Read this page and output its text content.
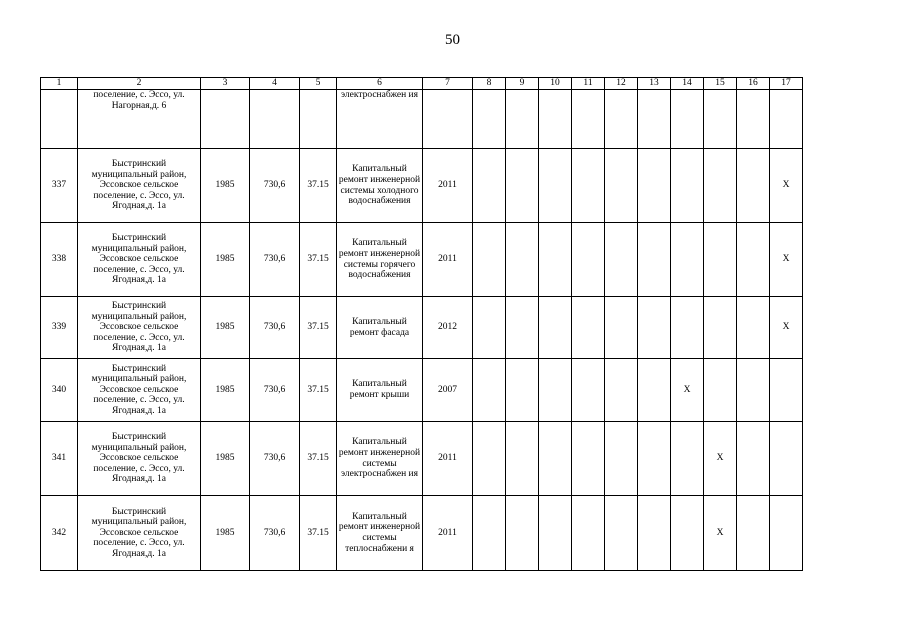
50
1	2	3	4	5	6	7	8	9	10	11	12	13	14	15	16	17
	поселение, с. Эссо, ул. Нагорная,д. 6				электроснабжен ия											
337	Быстринский муниципальный район, Эссовское сельское поселение, с. Эссо, ул. Ягодная,д. 1а	1985	730,6	37.15	Капитальный ремонт инженерной системы холодного водоснабжения	2011										X
338	Быстринский муниципальный район, Эссовское сельское поселение, с. Эссо, ул. Ягодная,д. 1а	1985	730,6	37.15	Капитальный ремонт инженерной системы горячего водоснабжения	2011										X
339	Быстринский муниципальный район, Эссовское сельское поселение, с. Эссо, ул. Ягодная,д. 1а	1985	730,6	37.15	Капитальный ремонт фасада	2012										X
340	Быстринский муниципальный район, Эссовское сельское поселение, с. Эссо, ул. Ягодная,д. 1а	1985	730,6	37.15	Капитальный ремонт крыши	2007							X			
341	Быстринский муниципальный район, Эссовское сельское поселение, с. Эссо, ул. Ягодная,д. 1а	1985	730,6	37.15	Капитальный ремонт инженерной системы электроснабжен ия	2011								X		
342	Быстринский муниципальный район, Эссовское сельское поселение, с. Эссо, ул. Ягодная,д. 1а	1985	730,6	37.15	Капитальный ремонт инженерной системы теплоснабжени я	2011								X		
